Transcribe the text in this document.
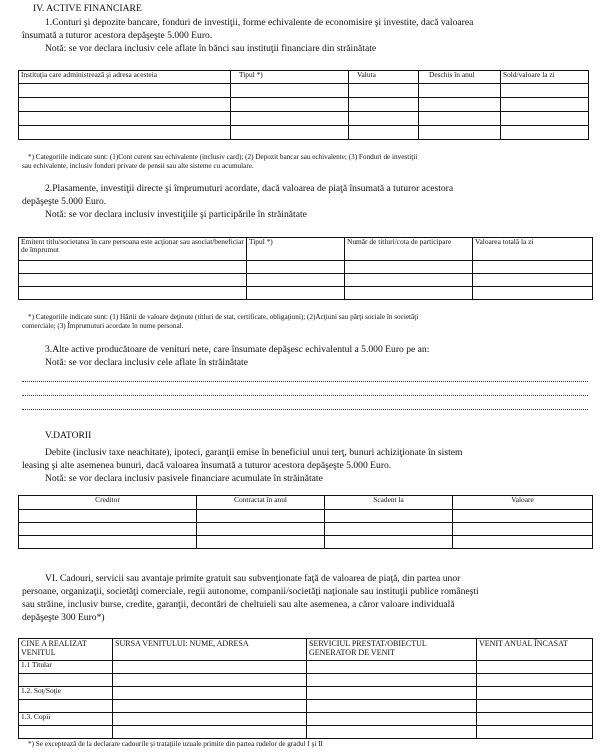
IV. ACTIVE FINANCIARE
1.Conturi şi depozite bancare, fonduri de investiţii, forme echivalente de economisire şi investite, dacă valoarea
însumată a tuturor acestora depăşeşte 5.000 Euro.
Notă: se vor declara inclusiv cele aflate în bănci sau instituţii financiare din străinătate
Instituţia care administrează şi adresa acesteia	Tipul *)	Valuta	Deschis în anul	Sold/valoare la zi

*) Categoriile indicate sunt: (1)Cont curent sau echivalente (inclusiv card); (2) Depozit bancar sau echivalente; (3) Fonduri de investiţii
sau echivalente, inclusiv fonduri private de pensii sau alte sisteme cu acumulare.
2.Plasamente, investiţii directe şi împrumuturi acordate, dacă valoarea de piaţă însumată a tuturor acestora
depăşeşte 5.000 Euro.
Notă: se vor declara inclusiv investiţiile şi participările în străinătate
Emitent titlu/societatea în care persoana este acţionar sau asociat/beneficiar de împrumut	Tipul *)	Număr de titluri/cota de participare	Valoarea totală la zi

*) Categoriile indicate sunt: (1) Hârtii de valoare deţinute (titluri de stat, certificate, obligaţiuni); (2)Acţiuni sau părţi sociale în societăţi
comerciale; (3) Împrumuturi acordate în nume personal.
3.Alte active producătoare de venituri nete, care însumate depăşesc echivalentul a 5.000 Euro pe an:
Notă: se vor declara inclusiv cele aflate în străinătate
V.DATORII
Debite (inclusiv taxe neachitate), ipoteci, garanţii emise în beneficiul unui terţ, bunuri achiziţionate în sistem
leasing şi alte asemenea bunuri, dacă valoarea însumată a tuturor acestora depăşeşte 5.000 Euro.
Notă: se vor declara inclusiv pasivele financiare acumulate în străinătate
Creditor	Contractat în anul	Scadent la	Valoare

VI. Cadouri, servicii sau avantaje primite gratuit sau subvenţionate faţă de valoarea de piaţă, din partea unor
persoane, organizaţii, societăţi comerciale, regii autonome, companii/societăţi naţionale sau instituţii publice româneşti
sau străine, inclusiv burse, credite, garanţii, decontări de cheltuieli sau alte asemenea, a căror valoare individuală
depăşeşte 300 Euro*)
CINE A REALIZAT VENITUL	SURSA VENITULUI: NUME, ADRESA	SERVICIUL PRESTAT/OBIECTUL GENERATOR DE VENIT	VENIT ANUAL ÎNCASAT
1.1 Titular			

1.2. Soţ/Soţie			

1.3. Copii			

*) Se exceptează de la declarare cadourile şi trataţiile uzuale primite din partea rudelor de gradul I şi II
